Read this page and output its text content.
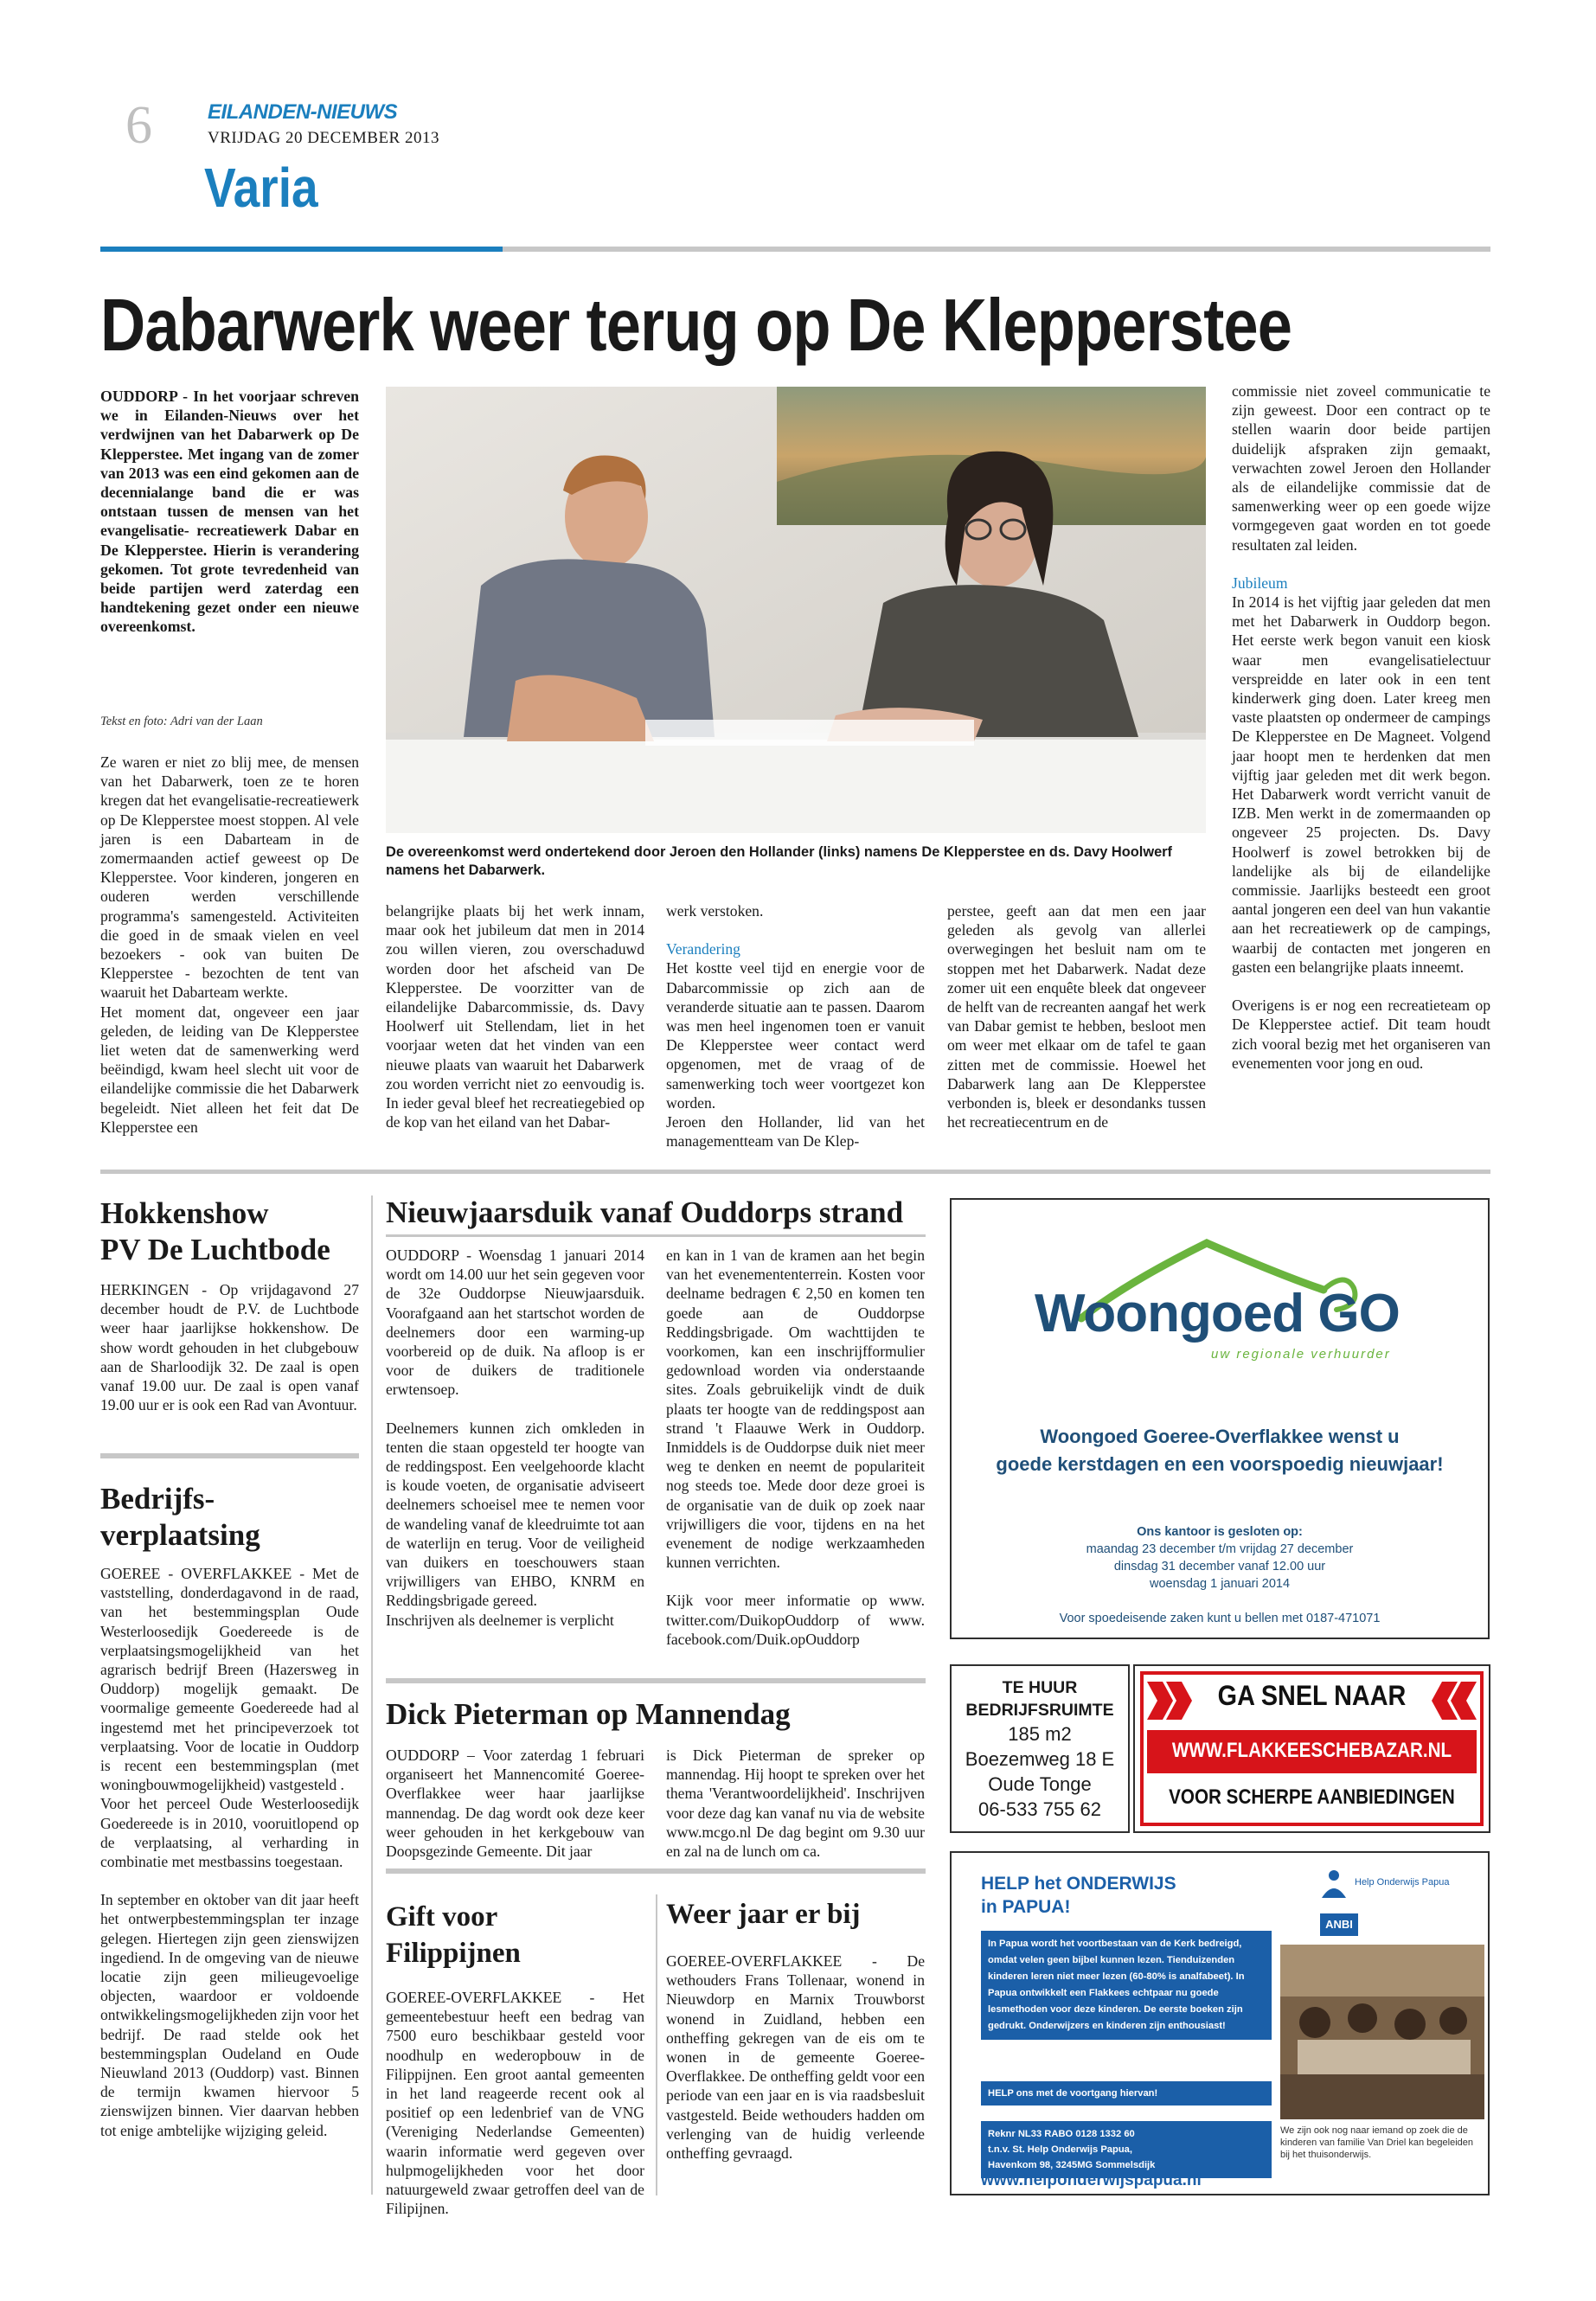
6	EILANDEN-NIEUWS
VRIJDAG 20 DECEMBER 2013
Varia
Dabarwerk weer terug op De Klepperstee
OUDDORP - In het voorjaar schreven we in Eilanden-Nieuws over het verdwijnen van het Dabarwerk op De Klepperstee. Met ingang van de zomer van 2013 was een eind gekomen aan de decennialange band die er was ontstaan tussen de mensen van het evangelisatie- recreatiewerk Dabar en De Klepperstee. Hierin is verandering gekomen. Tot grote tevredenheid van beide partijen werd zaterdag een handtekening gezet onder een nieuwe overeenkomst.
Tekst en foto: Adri van der Laan

Ze waren er niet zo blij mee, de mensen van het Dabarwerk, toen ze te horen kregen dat het evangelisatie-recreatiewerk op De Klepperstee moest stoppen. Al vele jaren is een Dabarteam in de zomermaanden actief geweest op De Klepperstee. Voor kinderen, jongeren en ouderen werden verschillende programma's samengesteld. Activiteiten die goed in de smaak vielen en veel bezoekers - ook van buiten De Klepperstee - bezochten de tent van waaruit het Dabarteam werkte.

Het moment dat, ongeveer een jaar geleden, de leiding van De Klepperstee liet weten dat de samenwerking werd beëindigd, kwam heel slecht uit voor de eilandelijke commissie die het Dabarwerk begeleidt. Niet alleen het feit dat De Klepperstee een

De overeenkomst werd ondertekend door Jeroen den Hollander (links) namens De Klepperstee en ds. Davy Hoolwerf namens het Dabarwerk.
belangrijke plaats bij het werk innam, maar ook het jubileum dat men in 2014 zou willen vieren, zou overschaduwd worden door het afscheid van De Klepperstee. De voorzitter van de eilandelijke Dabarcommissie, ds. Davy Hoolwerf uit Stellendam, liet in het voorjaar weten dat het vinden van een nieuwe plaats van waaruit het Dabarwerk zou worden verricht niet zo eenvoudig is. In ieder geval bleef het recreatiegebied op de kop van het eiland van het Dabar-

werk verstoken.

Verandering

Het kostte veel tijd en energie voor de Dabarcommissie op zich aan de veranderde situatie aan te passen. Daarom was men heel ingenomen toen er vanuit De Klepperstee weer contact werd opgenomen, met de vraag of de samenwerking toch weer voortgezet kon worden.

Jeroen den Hollander, lid van het managementteam van De Klep-

perstee, geeft aan dat men een jaar geleden als gevolg van allerlei overwegingen het besluit nam om te stoppen met het Dabarwerk. Nadat deze zomer uit een enquête bleek dat ongeveer de helft van de recreanten aangaf het werk van Dabar gemist te hebben, besloot men om weer met elkaar om de tafel te gaan zitten met de commissie. Hoewel het Dabarwerk lang aan De Klepperstee verbonden is, bleek er desondanks tussen het recreatiecentrum en de

commissie niet zoveel communicatie te zijn geweest. Door een contract op te stellen waarin door beide partijen duidelijk afspraken zijn gemaakt, verwachten zowel Jeroen den Hollander als de eilandelijke commissie dat de samenwerking weer op een goede wijze vormgegeven gaat worden en tot goede resultaten zal leiden.

Jubileum

In 2014 is het vijftig jaar geleden dat men met het Dabarwerk in Ouddorp begon. Het eerste werk begon vanuit een kiosk waar men evangelisatielectuur verspreidde en later ook in een tent kinderwerk ging doen. Later kreeg men vaste plaatsten op ondermeer de campings De Klepperstee en De Magneet. Volgend jaar hoopt men te herdenken dat men vijftig jaar geleden met dit werk begon. Het Dabarwerk wordt verricht vanuit de IZB. Men werkt in de zomermaanden op ongeveer 25 projecten. Ds. Davy Hoolwerf is zowel betrokken bij de landelijke als bij de eilandelijke commissie. Jaarlijks besteedt een groot aantal jongeren een deel van hun vakantie aan het recreatiewerk op de campings, waarbij de contacten met jongeren en gasten een belangrijke plaats inneemt.

Overigens is er nog een recreatieteam op De Klepperstee actief. Dit team houdt zich vooral bezig met het organiseren van evenementen voor jong en oud.

Hokkenshow
PV De Luchtbode
HERKINGEN - Op vrijdagavond 27 december houdt de P.V. de Luchtbode weer haar jaarlijkse hokkenshow. De show wordt gehouden in het clubgebouw aan de Sharloodijk 32. De zaal is open vanaf 19.00 uur. De zaal is open vanaf 19.00 uur er is ook een Rad van Avontuur.
Bedrijfs-
verplaatsing

GOEREE - OVERFLAKKEE - Met de vaststelling, donderdagavond in de raad, van het bestemmingsplan Oude Westerloosedijk Goedereede is de verplaatsingsmogelijkheid van het agrarisch bedrijf Breen (Hazersweg in Ouddorp) mogelijk gemaakt. De voormalige gemeente Goedereede had al ingestemd met het principeverzoek tot verplaatsing. Voor de locatie in Ouddorp is recent een bestemmingsplan (met woningbouwmogelijkheid) vastgesteld .

Voor het perceel Oude Westerloosedijk Goedereede is in 2010, vooruitlopend op de verplaatsing, al verharding in combinatie met mestbassins toegestaan.

In september en oktober van dit jaar heeft het ontwerpbestemmingsplan ter inzage gelegen. Hiertegen zijn geen zienswijzen ingediend. In de omgeving van de nieuwe locatie zijn geen milieugevoelige objecten, waardoor er voldoende ontwikkelingsmogelijkheden zijn voor het bedrijf. De raad stelde ook het bestemmingsplan Oudeland en Oude Nieuwland 2013 (Ouddorp) vast. Binnen de termijn kwamen hiervoor 5 zienswijzen binnen. Vier daarvan hebben tot enige ambtelijke wijziging geleid.

Nieuwjaarsduik vanaf Ouddorps strand

OUDDORP - Woensdag 1 januari 2014 wordt om 14.00 uur het sein gegeven voor de 32e Ouddorpse Nieuwjaarsduik. Voorafgaand aan het startschot worden de deelnemers door een warming-up voorbereid op de duik. Na afloop is er voor de duikers de traditionele erwtensoep.

Deelnemers kunnen zich omkleden in tenten die staan opgesteld ter hoogte van de reddingspost. Een veelgehoorde klacht is koude voeten, de organisatie adviseert deelnemers schoeisel mee te nemen voor de wandeling vanaf de kleedruimte tot aan de waterlijn en terug. Voor de veiligheid van duikers en toeschouwers staan vrijwilligers van EHBO, KNRM en Reddingsbrigade gereed.

Inschrijven als deelnemer is verplicht

en kan in 1 van de kramen aan het begin van het evenemententerrein. Kosten voor deelname bedragen € 2,50 en komen ten goede aan de Ouddorpse Reddingsbrigade. Om wachttijden te voorkomen, kan een inschrijfformulier gedownload worden via onderstaande sites. Zoals gebruikelijk vindt de duik plaats ter hoogte van de reddingspost aan strand 't Flaauwe Werk in Ouddorp. Inmiddels is de Ouddorpse duik niet meer weg te denken en neemt de populariteit nog steeds toe. Mede door deze groei is de organisatie van de duik op zoek naar vrijwilligers die voor, tijdens en na het evenement de nodige werkzaamheden kunnen verrichten.

Kijk voor meer informatie op www. twitter.com/DuikopOuddorp of www. facebook.com/Duik.opOuddorp

Dick Pieterman op Mannendag
OUDDORP – Voor zaterdag 1 februari organiseert het Mannencomité Goeree-Overflakkee weer haar jaarlijkse mannendag. De dag wordt ook deze keer weer gehouden in het kerkgebouw van Doopsgezinde Gemeente. Dit jaar
is Dick Pieterman de spreker op mannendag. Hij hoopt te spreken over het thema 'Verantwoordelijkheid'. Inschrijven voor deze dag kan vanaf nu via de website www.mcgo.nl De dag begint om 9.30 uur en zal na de lunch om ca.
Gift voor
Filippijnen
GOEREE-OVERFLAKKEE - Het gemeentebestuur heeft een bedrag van 7500 euro beschikbaar gesteld voor noodhulp en wederopbouw in de Filippijnen. Een groot aantal gemeenten in het land reageerde recent ook al positief op een ledenbrief van de VNG (Vereniging Nederlandse Gemeenten) waarin informatie werd gegeven over hulpmogelijkheden voor het door natuurgeweld zwaar getroffen deel van de Filipijnen.
Weer jaar er bij
GOEREE-OVERFLAKKEE - De wethouders Frans Tollenaar, wonend in Nieuwdorp en Marnix Trouwborst wonend in Zuidland, hebben een ontheffing gekregen van de eis om te wonen in de gemeente Goeree-Overflakkee. De ontheffing geldt voor een periode van een jaar en is via raadsbesluit vastgesteld. Beide wethouders hadden om verlenging van de huidig verleende ontheffing gevraagd.
Woongoed GO
uw regionale verhuurder
Woongoed Goeree-Overflakkee wenst u
goede kerstdagen en een voorspoedig nieuwjaar!
Ons kantoor is gesloten op:
maandag 23 december t/m vrijdag 27 december
dinsdag 31 december vanaf 12.00 uur
woensdag 1 januari 2014
Voor spoedeisende zaken kunt u bellen met 0187-471071
TE HUUR
BEDRIJFSRUIMTE
185 m2
Boezemweg 18 E
Oude Tonge
06-533 755 62
GA SNEL NAAR
WWW.FLAKKEESCHEBAZAR.NL
VOOR SCHERPE AANBIEDINGEN
HELP het ONDERWIJS
in PAPUA!
In Papua wordt het voortbestaan van de Kerk bedreigd, omdat velen geen bijbel kunnen lezen. Tienduizenden kinderen leren niet meer lezen (60-80% is analfabeet). In Papua ontwikkelt een Flakkees echtpaar nu goede lesmethoden voor deze kinderen. De eerste boeken zijn gedrukt. Onderwijzers en kinderen zijn enthousiast!
HELP ons met de voortgang hiervan!
Reknr NL33 RABO 0128 1332 60
t.n.v. St. Help Onderwijs Papua,
Havenkom 98, 3245MG Sommelsdijk
www.helponderwijspapua.nl
Help Onderwijs Papua
ANBI
We zijn ook nog naar iemand op zoek die de kinderen van familie Van Driel kan begeleiden bij het thuisonderwijs.
